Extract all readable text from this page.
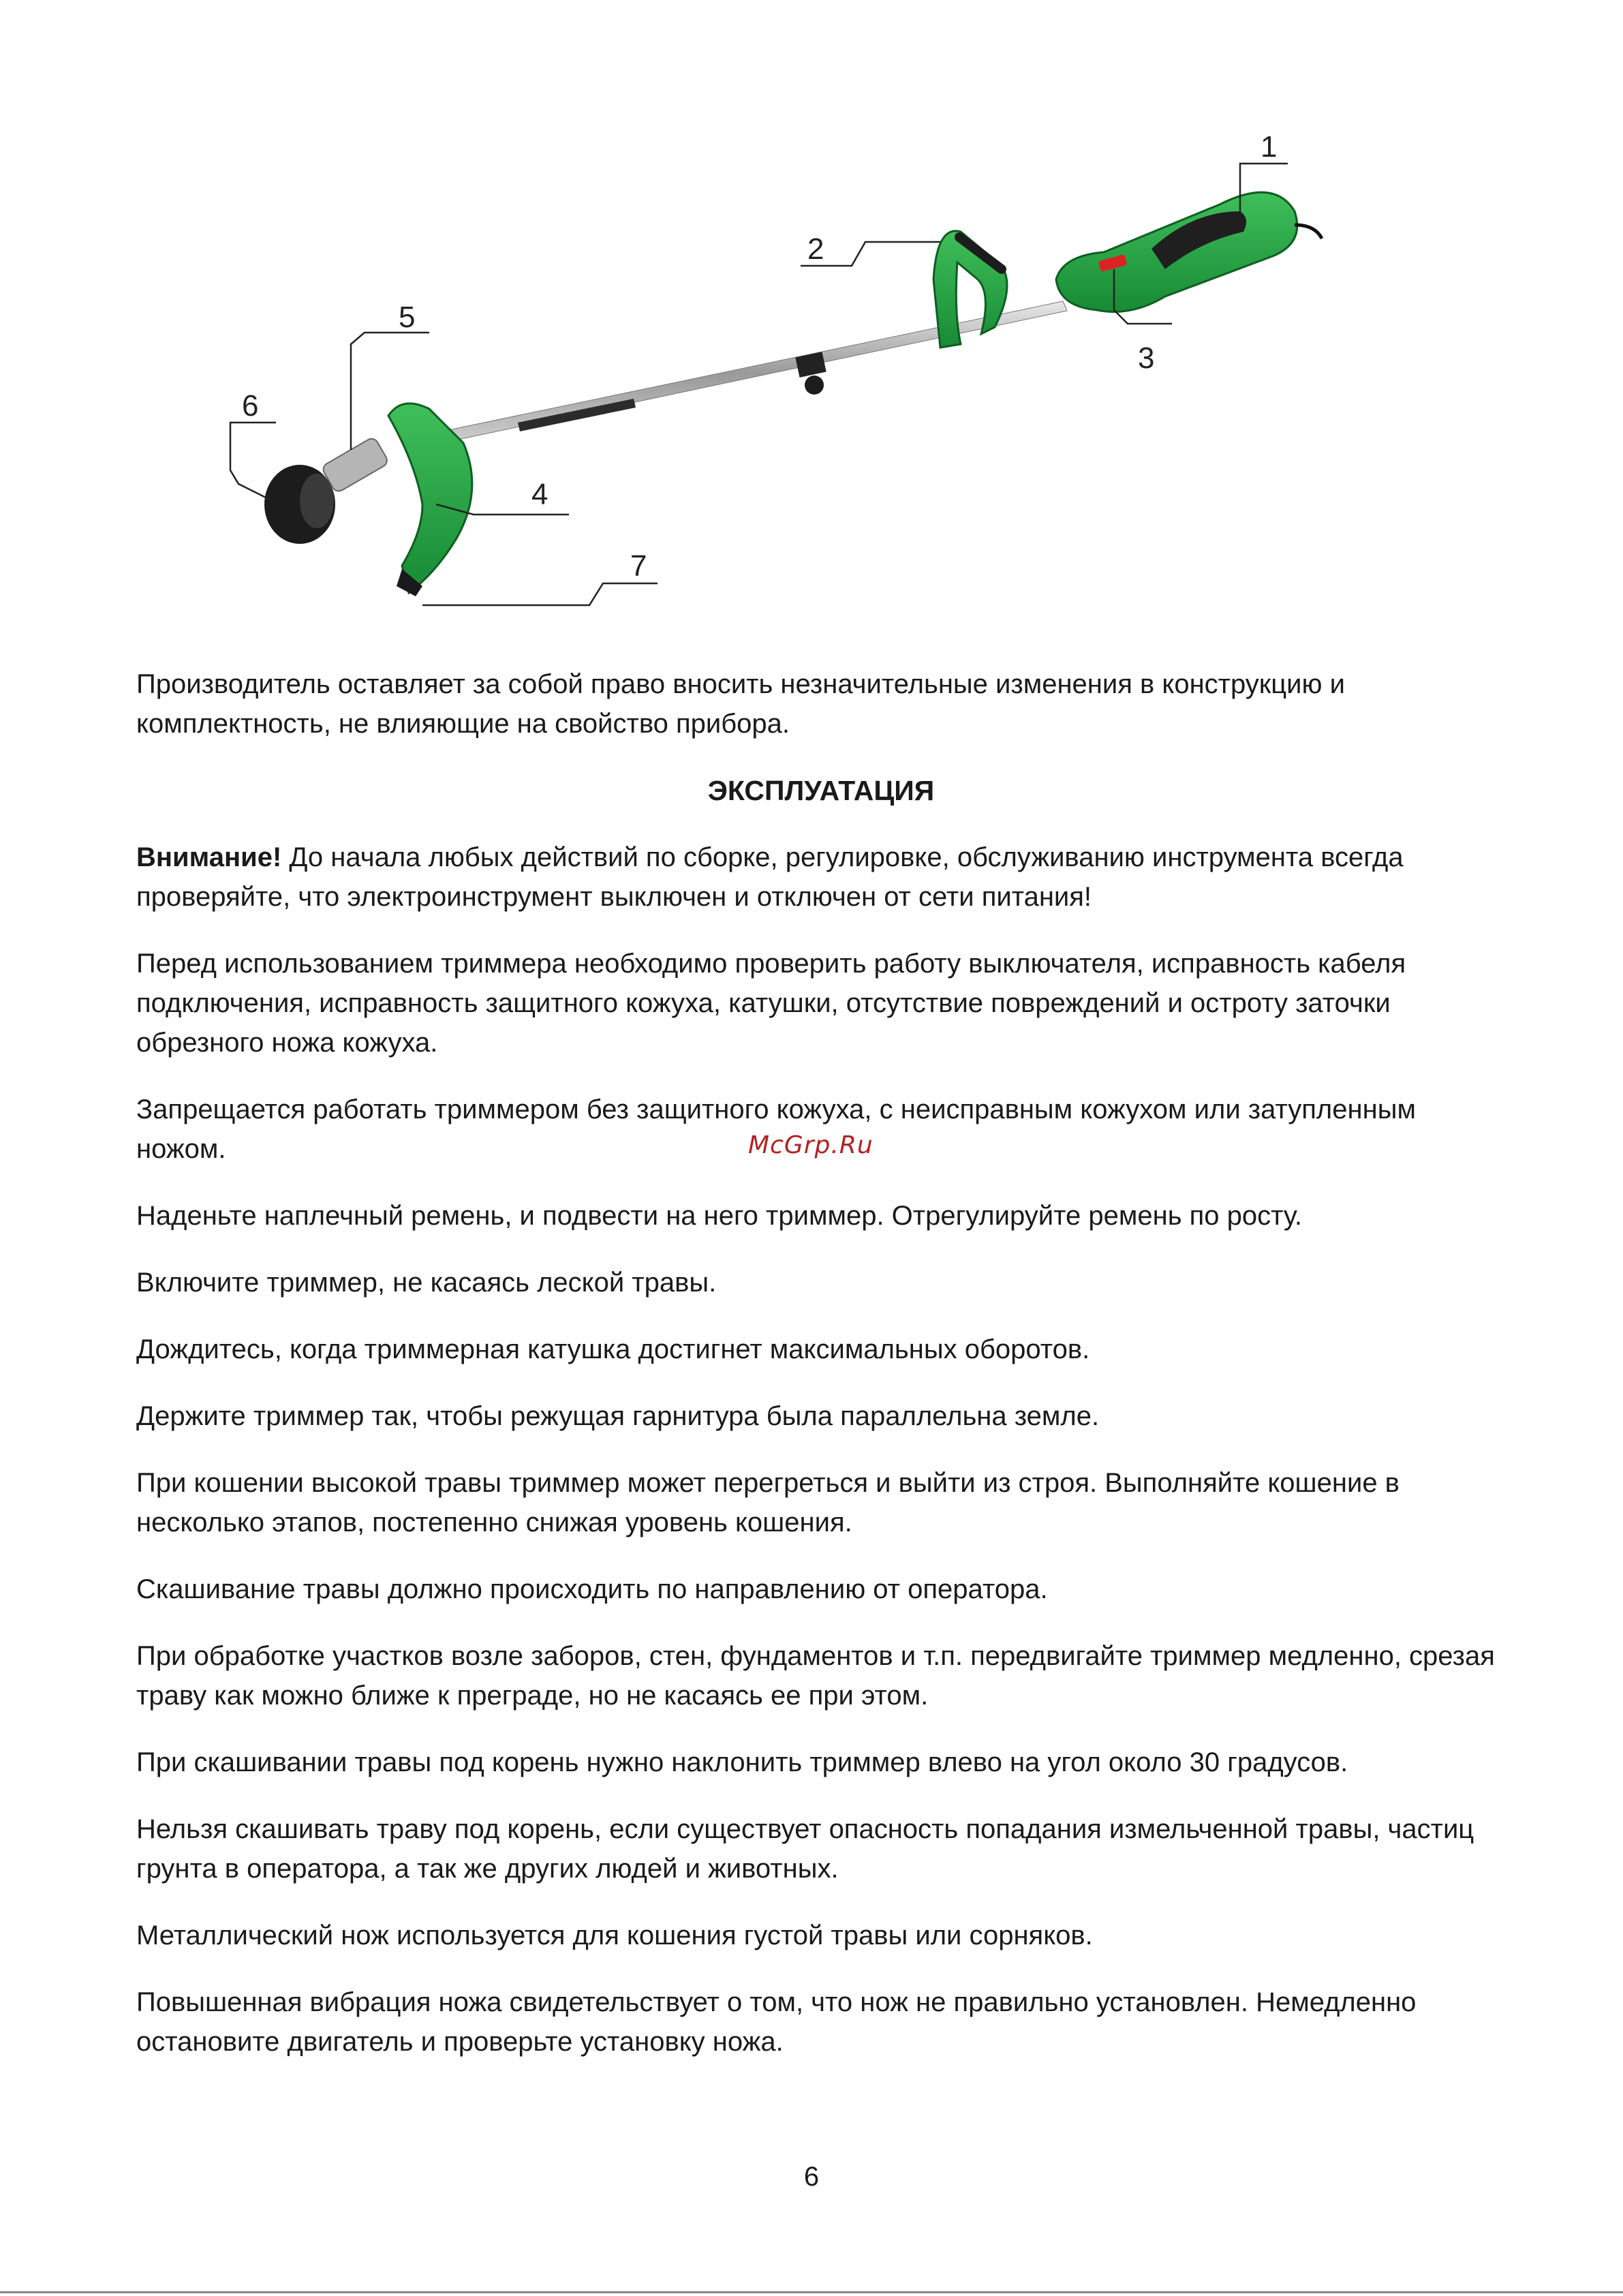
1
2
3
4
5
6
7

Производитель оставляет за собой право вносить незначительные изменения в конструкцию и комплектность, не влияющие на свойство прибора.

ЭКСПЛУАТАЦИЯ

Внимание! До начала любых действий по сборке, регулировке, обслуживанию инструмента всегда проверяйте, что электроинструмент выключен и отключен от сети питания!

Перед использованием триммера необходимо проверить работу выключателя, исправность кабеля подключения, исправность защитного кожуха, катушки, отсутствие повреждений и остроту заточки обрезного ножа кожуха.

Запрещается работать триммером без защитного кожуха, с неисправным кожухом или затупленным ножом.

Наденьте наплечный ремень, и подвести на него триммер. Отрегулируйте ремень по росту.

Включите триммер, не касаясь леской травы.

Дождитесь, когда триммерная катушка достигнет максимальных оборотов.

Держите триммер так, чтобы режущая гарнитура была параллельна земле.

При кошении высокой травы триммер может перегреться и выйти из строя. Выполняйте кошение в несколько этапов, постепенно снижая уровень кошения.

Скашивание травы должно происходить по направлению от оператора.

При обработке участков возле заборов, стен, фундаментов и т.п. передвигайте триммер медленно, срезая траву как можно ближе к преграде, но не касаясь ее при этом.

При скашивании травы под корень нужно наклонить триммер влево на угол около 30 градусов.

Нельзя скашивать траву под корень, если существует опасность попадания измельченной травы, частиц грунта в оператора, а так же других людей и животных.

Металлический нож используется для кошения густой травы или сорняков.

Повышенная вибрация ножа свидетельствует о том, что нож не правильно установлен. Немедленно остановите двигатель и проверьте установку ножа.

McGrp.Ru
6
